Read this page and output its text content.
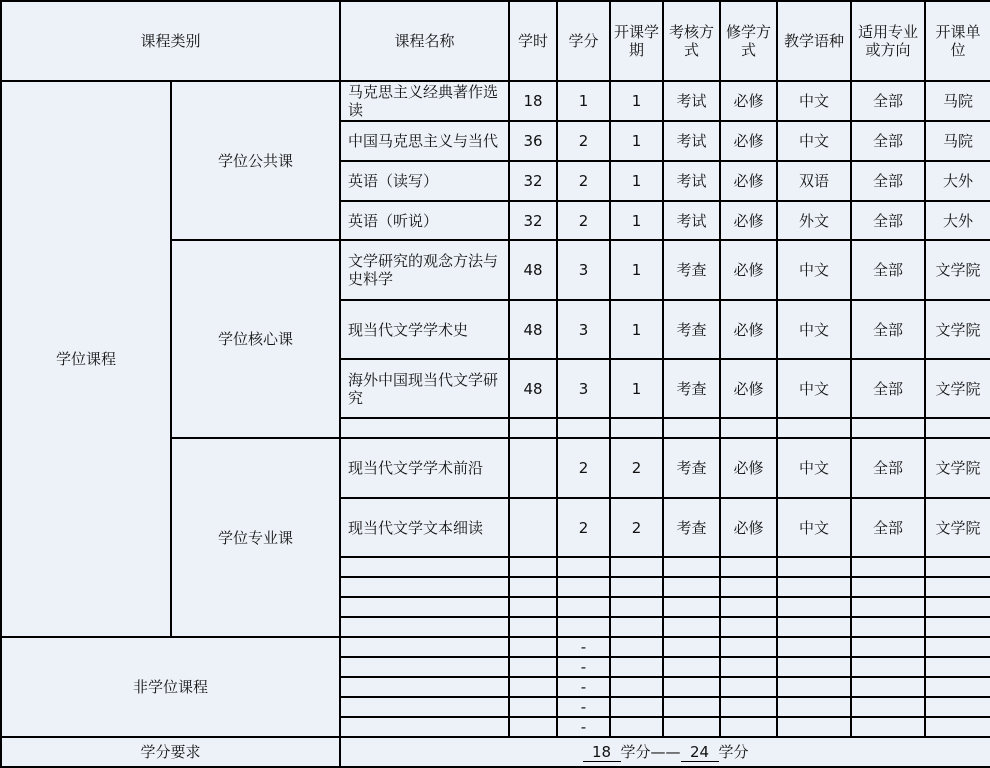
课程类别		课程名称	学时	学分	开课学期	考核方式	修学方式	教学语种	适用专业或方向	开课单位
学位课程	学位公共课	马克思主义经典著作选读	18	1	1	考试	必修	中文	全部	马院
		中国马克思主义与当代	36	2	1	考试	必修	中文	全部	马院
		英语（读写）	32	2	1	考试	必修	双语	全部	大外
		英语（听说）	32	2	1	考试	必修	外文	全部	大外
	学位核心课	文学研究的观念方法与史料学	48	3	1	考查	必修	中文	全部	文学院
		现当代文学学术史	48	3	1	考查	必修	中文	全部	文学院
		海外中国现当代文学研究	48	3	1	考查	必修	中文	全部	文学院

	学位专业课	现当代文学学术前沿		2	2	考查	必修	中文	全部	文学院
		现当代文学文本细读		2	2	考查	必修	中文	全部	文学院

非学位课程				-						
				-						
				-						
				-						
				-						
学分要求		18 学分—— 24 学分								
